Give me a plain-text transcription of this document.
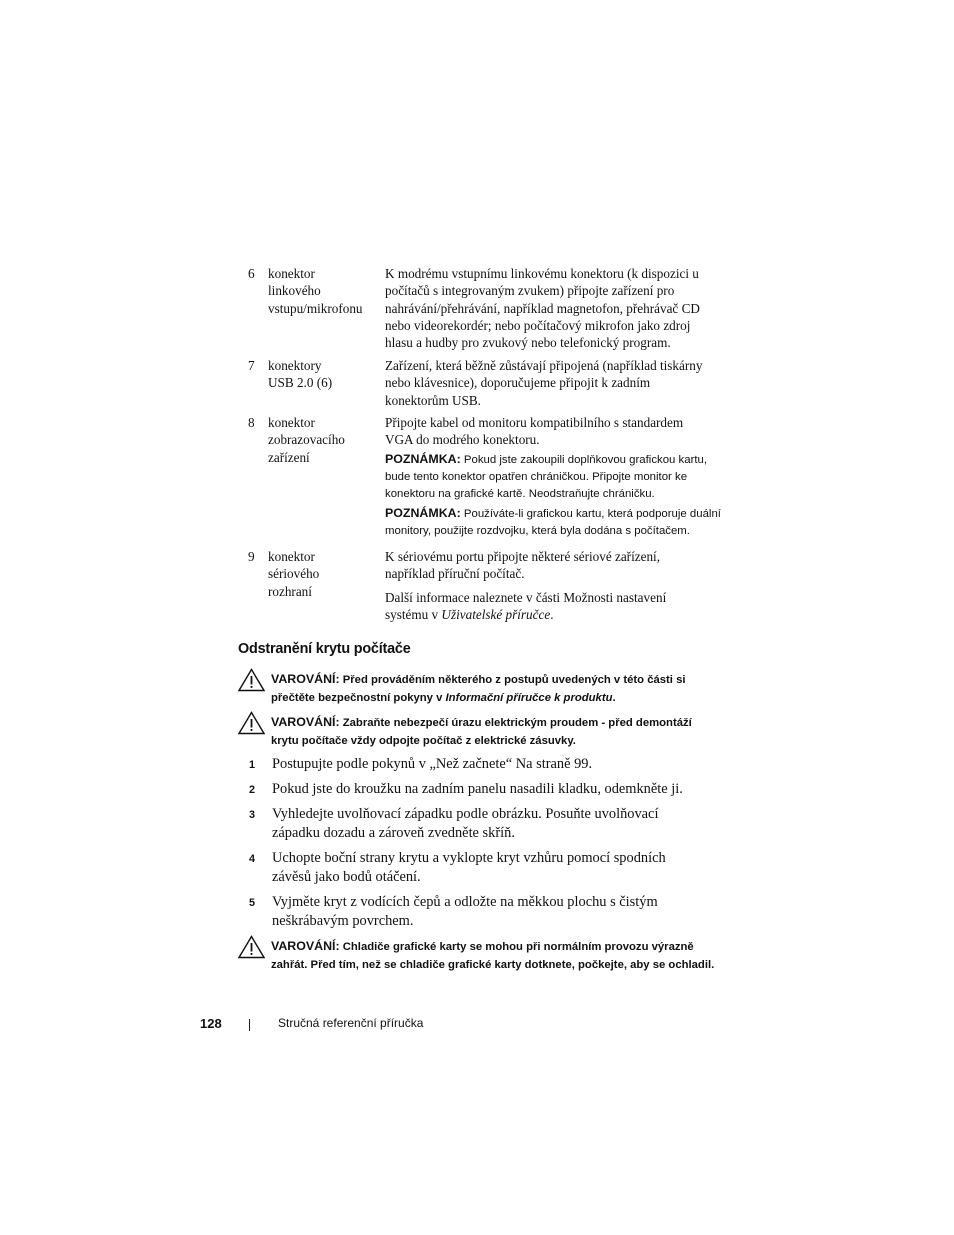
6 konektor
linkového
vstupu/mikrofonu

K modrému vstupnímu linkovému konektoru (k dispozici u

počítačů s integrovaným zvukem) připojte zařízení pro

nahrávání/přehrávání, například magnetofon, přehrávač CD

nebo videorekordér; nebo počítačový mikrofon jako zdroj

hlasu a hudby pro zvukový nebo telefonický program.

7 konektory
USB 2.0 (6)

Zařízení, která běžně zůstávají připojená (například tiskárny

nebo klávesnice), doporučujeme připojit k zadním

konektorům USB.

8 konektor
zobrazovacího
zařízení

Připojte kabel od monitoru kompatibilního s standardem

VGA do modrého konektoru.

POZNÁMKA: Pokud jste zakoupili doplňkovou grafickou kartu,
bude tento konektor opatřen chráničkou. Připojte monitor ke
konektoru na grafické kartě. Neodstraňujte chráničku.

POZNÁMKA: Používáte-li grafickou kartu, která podporuje duální
monitory, použijte rozdvojku, která byla dodána s počítačem.

9 konektor
sériového
rozhraní

K sériovému portu připojte některé sériové zařízení,

například příruční počítač.

Další informace naleznete v části Možnosti nastavení

systému v Uživatelské příručce.

Odstranění krytu počítače

VAROVÁNÍ: Před prováděním některého z postupů uvedených v této části si
přečtěte bezpečnostní pokyny v Informační příručce k produktu.

VAROVÁNÍ: Zabraňte nebezpečí úrazu elektrickým proudem - před demontáží
krytu počítače vždy odpojte počítač z elektrické zásuvky.

1 Postupujte podle pokynů v „Než začnete“ Na straně 99.
2 Pokud jste do kroužku na zadním panelu nasadili kladku, odemkněte ji.
3 Vyhledejte uvolňovací západku podle obrázku. Posuňte uvolňovací
západku dozadu a zároveň zvedněte skříň.
4 Uchopte boční strany krytu a vyklopte kryt vzhůru pomocí spodních
závěsů jako bodů otáčení.
5 Vyjměte kryt z vodících čepů a odložte na měkkou plochu s čistým
neškrábavým povrchem.

VAROVÁNÍ: Chladiče grafické karty se mohou při normálním provozu výrazně
zahřát. Před tím, než se chladiče grafické karty dotknete, počkejte, aby se ochladil.

128	Stručná referenční příručka
